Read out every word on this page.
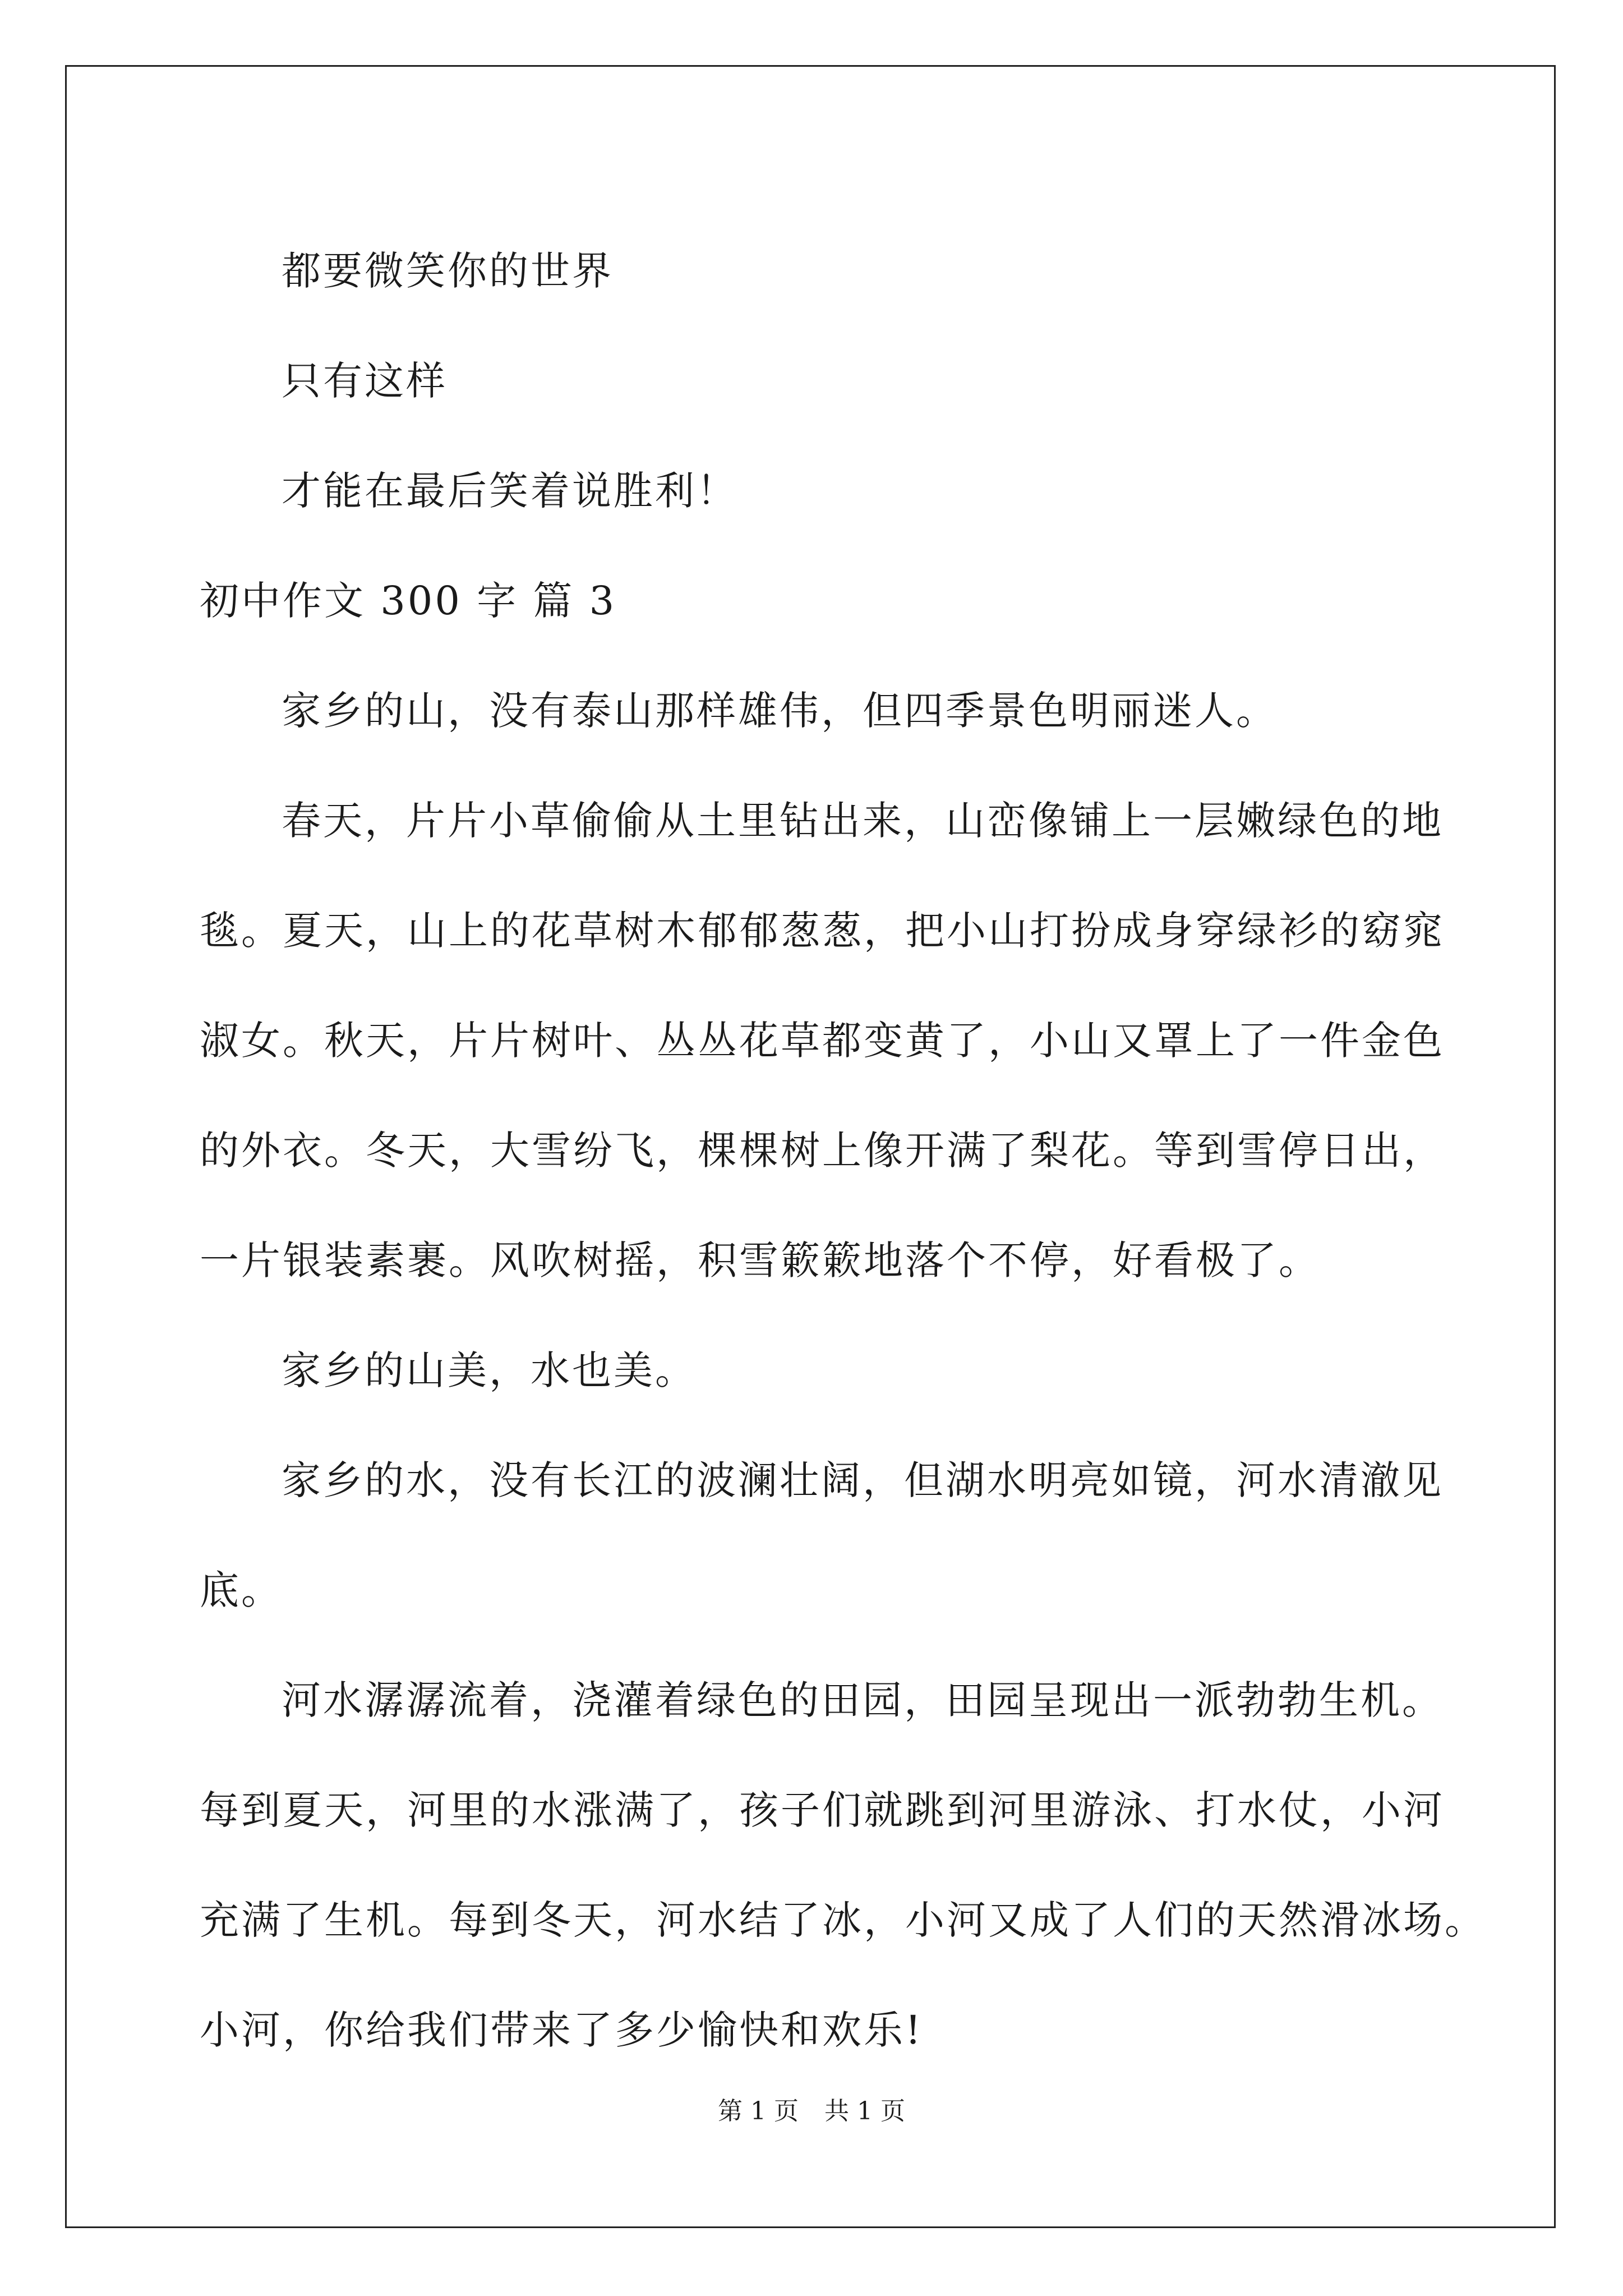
都要微笑你的世界
只有这样
才能在最后笑着说胜利！
初中作文 300 字 篇 3
家乡的山，没有泰山那样雄伟，但四季景色明丽迷人。
春天，片片小草偷偷从土里钻出来，山峦像铺上一层嫩绿色的地
毯。夏天，山上的花草树木郁郁葱葱，把小山打扮成身穿绿衫的窈窕
淑女。秋天，片片树叶、丛丛花草都变黄了，小山又罩上了一件金色
的外衣。冬天，大雪纷飞，棵棵树上像开满了梨花。等到雪停日出，
一片银装素裹。风吹树摇，积雪簌簌地落个不停，好看极了。
家乡的山美，水也美。
家乡的水，没有长江的波澜壮阔，但湖水明亮如镜，河水清澈见
底。
河水潺潺流着，浇灌着绿色的田园，田园呈现出一派勃勃生机。
每到夏天，河里的水涨满了，孩子们就跳到河里游泳、打水仗，小河
充满了生机。每到冬天，河水结了冰，小河又成了人们的天然滑冰场。
小河，你给我们带来了多少愉快和欢乐!
第 1 页 共 1 页
